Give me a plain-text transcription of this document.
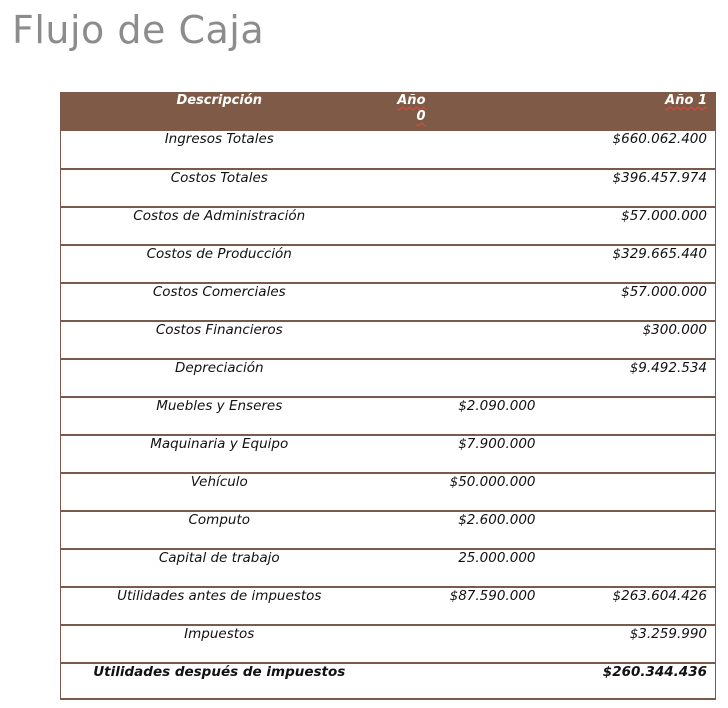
Flujo de Caja
Descripción	Año 0	Año 1
Ingresos Totales		$660.062.400
Costos Totales		$396.457.974
Costos de Administración		$57.000.000
Costos de Producción		$329.665.440
Costos Comerciales		$57.000.000
Costos Financieros		$300.000
Depreciación		$9.492.534
Muebles y Enseres	$2.090.000	
Maquinaria y Equipo	$7.900.000	
Vehículo	$50.000.000	
Computo	$2.600.000	
Capital de trabajo	25.000.000	
Utilidades antes de impuestos	$87.590.000	$263.604.426
Impuestos		$3.259.990
Utilidades después de impuestos		$260.344.436
